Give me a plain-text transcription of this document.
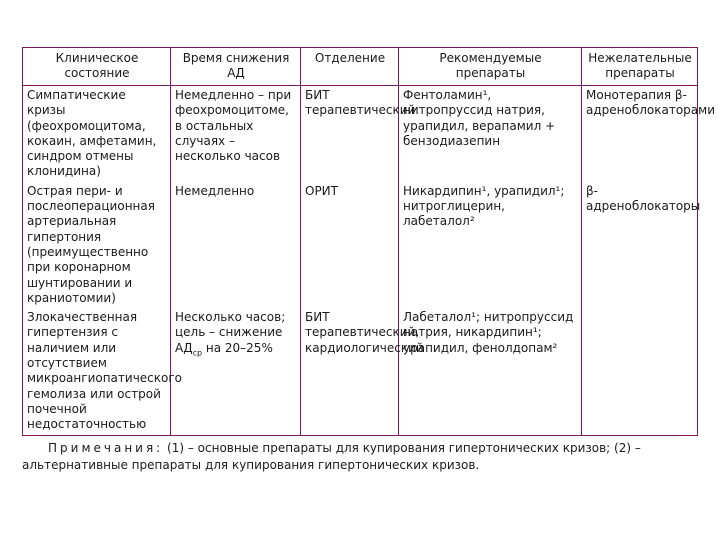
Клиническое состояние	Время снижения АД	Отделение	Рекомендуемые препараты	Нежелательные препараты
Симпатические кризы (феохромоцитома, кокаин, амфетамин, синдром отмены клонидина)	Немедленно – при феохромоцитоме, в остальных случаях – несколько часов	БИТ терапевтический	Фентоламин¹, нитропруссид натрия, урапидил, верапамил + бензодиазепин	Монотерапия β-адреноблокаторами
Острая пери- и послеоперационная артериальная гипертония (преимущественно при коронарном шунтировании и краниотомии)	Немедленно	ОРИТ	Никардипин¹, урапидил¹; нитроглицерин, лабеталол²	β-адреноблокаторы
Злокачественная гипертензия с наличием или отсутствием микроангиопатического гемолиза или острой почечной недостаточностью	Несколько часов; цель – снижение $АД_{ср}$ на 20–25%	БИТ терапевтический, кардиологический	Лабеталол¹; нитропруссид натрия, никардипин¹; урапидил, фенолдопам²	
Примечания: (1) – основные препараты для купирования гипертонических кризов; (2) – альтернативные препараты для купирования гипертонических кризов.
